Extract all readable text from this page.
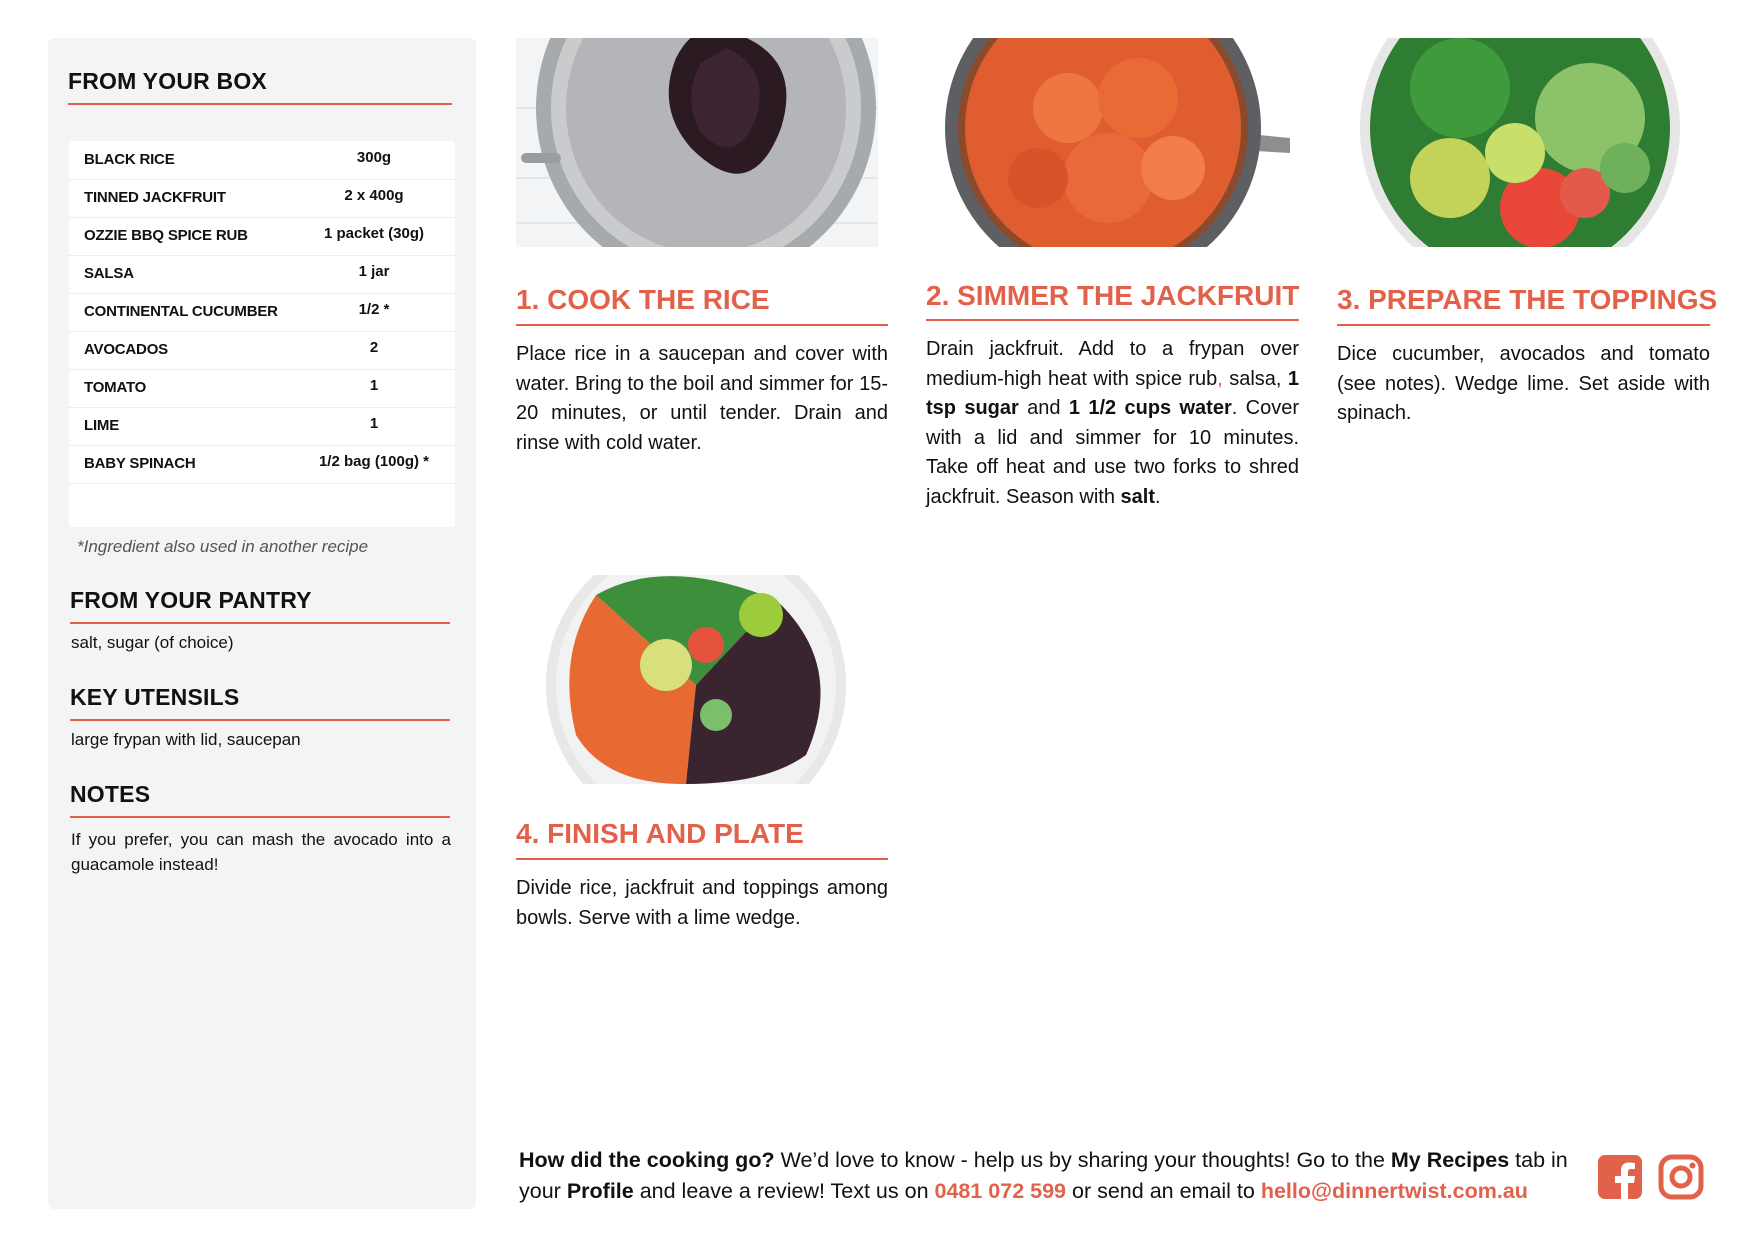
FROM YOUR BOX
BLACK RICE	300g
TINNED JACKFRUIT	2 x 400g
OZZIE BBQ SPICE RUB	1 packet (30g)
SALSA	1 jar
CONTINENTAL CUCUMBER	1/2 *
AVOCADOS	2
TOMATO	1
LIME	1
BABY SPINACH	1/2 bag (100g) *
*Ingredient also used in another recipe
FROM YOUR PANTRY
salt, sugar (of choice)
KEY UTENSILS
large frypan with lid, saucepan
NOTES
If you prefer, you can mash the avocado into a guacamole instead!
1. COOK THE RICE
Place rice in a saucepan and cover with water. Bring to the boil and simmer for 15-20 minutes, or until tender. Drain and rinse with cold water.
2. SIMMER THE JACKFRUIT
Drain jackfruit. Add to a frypan over medium-high heat with spice rub, salsa, 1 tsp sugar and 1 1/2 cups water. Cover with a lid and simmer for 10 minutes. Take off heat and use two forks to shred jackfruit. Season with salt.
3. PREPARE THE TOPPINGS
Dice cucumber, avocados and tomato (see notes). Wedge lime. Set aside with spinach.
4. FINISH AND PLATE
Divide rice, jackfruit and toppings among bowls. Serve with a lime wedge.
How did the cooking go? We’d love to know - help us by sharing your thoughts! Go to the My Recipes tab in your Profile and leave a review! Text us on 0481 072 599 or send an email to hello@dinnertwist.com.au
